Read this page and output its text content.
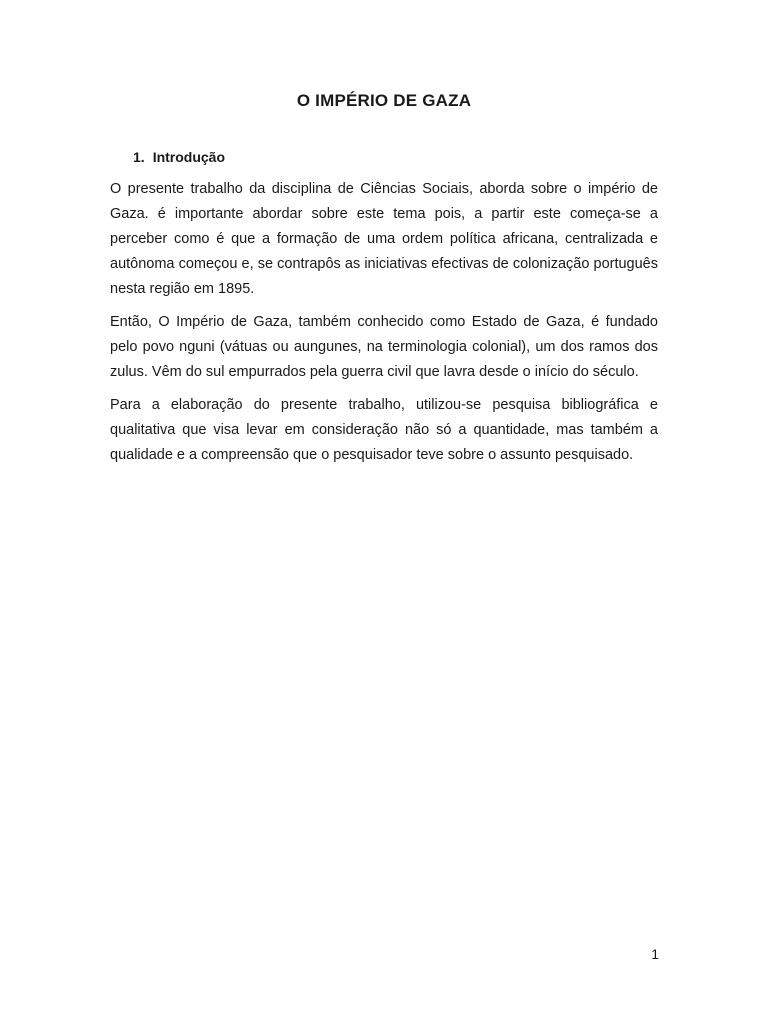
O IMPÉRIO DE GAZA
1. Introdução

O presente trabalho da disciplina de Ciências Sociais, aborda sobre o império de Gaza. é importante abordar sobre este tema pois, a partir este começa-se a perceber como é que a formação de uma ordem política africana, centralizada e autônoma começou e, se contrapôs as iniciativas efectivas de colonização português nesta região em 1895.

Então, O Império de Gaza, também conhecido como Estado de Gaza, é fundado pelo povo nguni (vátuas ou aungunes, na terminologia colonial), um dos ramos dos zulus. Vêm do sul empurrados pela guerra civil que lavra desde o início do século.

Para a elaboração do presente trabalho, utilizou-se pesquisa bibliográfica e qualitativa que visa levar em consideração não só a quantidade, mas também a qualidade e a compreensão que o pesquisador teve sobre o assunto pesquisado.

1
